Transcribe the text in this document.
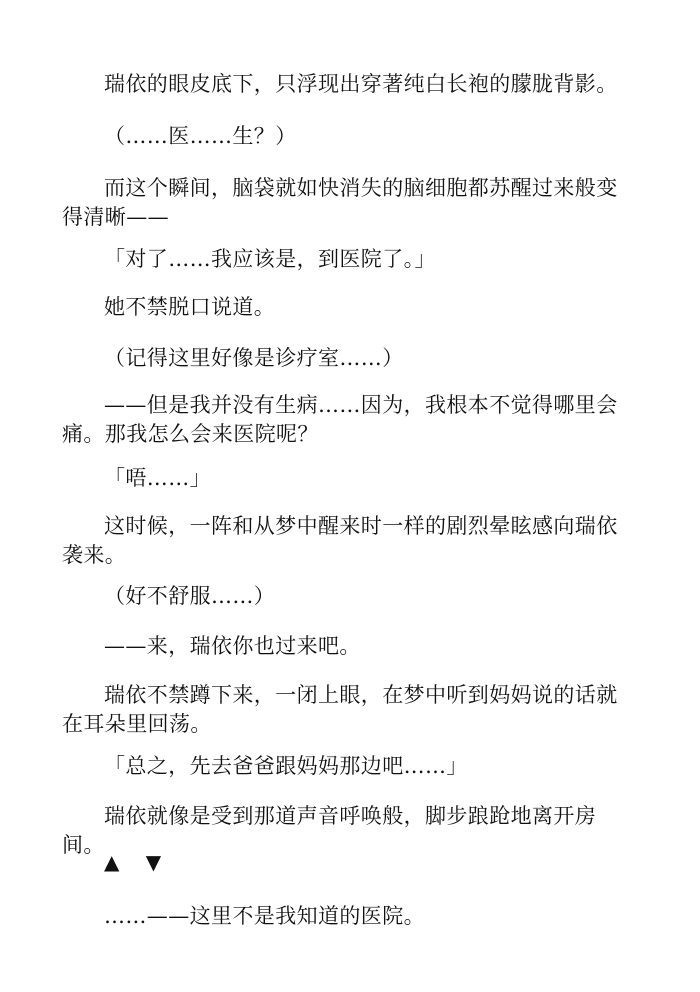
瑞依的眼皮底下，只浮现出穿著纯白长袍的朦胧背影。

（……医……生？）

而这个瞬间，脑袋就如快消失的脑细胞都苏醒过来般变得清晰——

「对了……我应该是，到医院了。」

她不禁脱口说道。

（记得这里好像是诊疗室……）

——但是我并没有生病……因为，我根本不觉得哪里会痛。那我怎么会来医院呢？

「唔……」

这时候，一阵和从梦中醒来时一样的剧烈晕眩感向瑞依袭来。

（好不舒服……）

——来，瑞依你也过来吧。

瑞依不禁蹲下来，一闭上眼，在梦中听到妈妈说的话就在耳朵里回荡。

「总之，先去爸爸跟妈妈那边吧……」

瑞依就像是受到那道声音呼唤般，脚步踉跄地离开房间。

▲ ▼

……——这里不是我知道的医院。
